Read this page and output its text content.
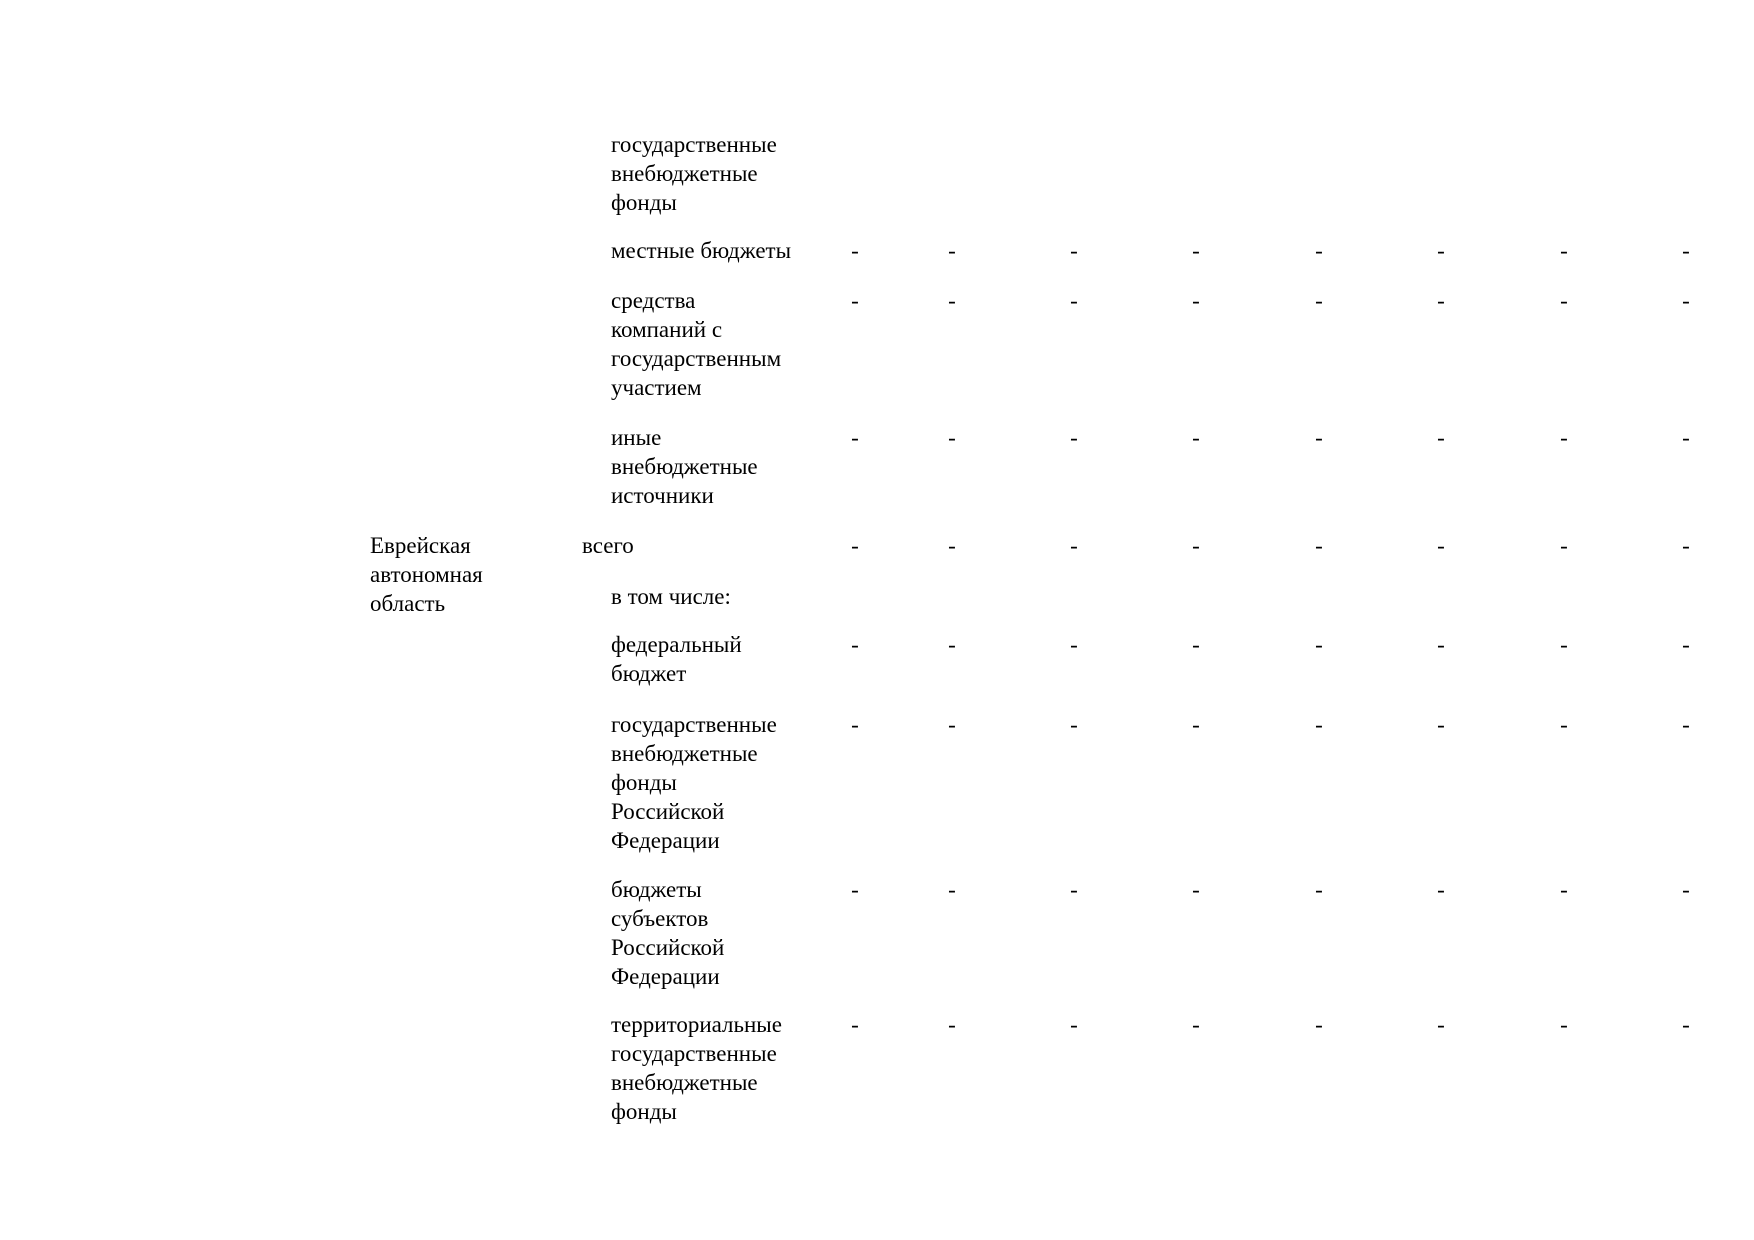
государственные
внебюджетные
фонды
местные бюджеты	-	-	-	-	-	-	-	-
средства
компаний с
государственным
участием
-	-	-	-	-	-	-	-
иные
внебюджетные
источники
-	-	-	-	-	-	-	-
Еврейская
автономная
область
всего	-	-	-	-	-	-	-	-
в том числе:
федеральный
бюджет
-	-	-	-	-	-	-	-
государственные
внебюджетные
фонды
Российской
Федерации
-	-	-	-	-	-	-	-
бюджеты
субъектов
Российской
Федерации
-	-	-	-	-	-	-	-
территориальные
государственные
внебюджетные
фонды
-	-	-	-	-	-	-	-
